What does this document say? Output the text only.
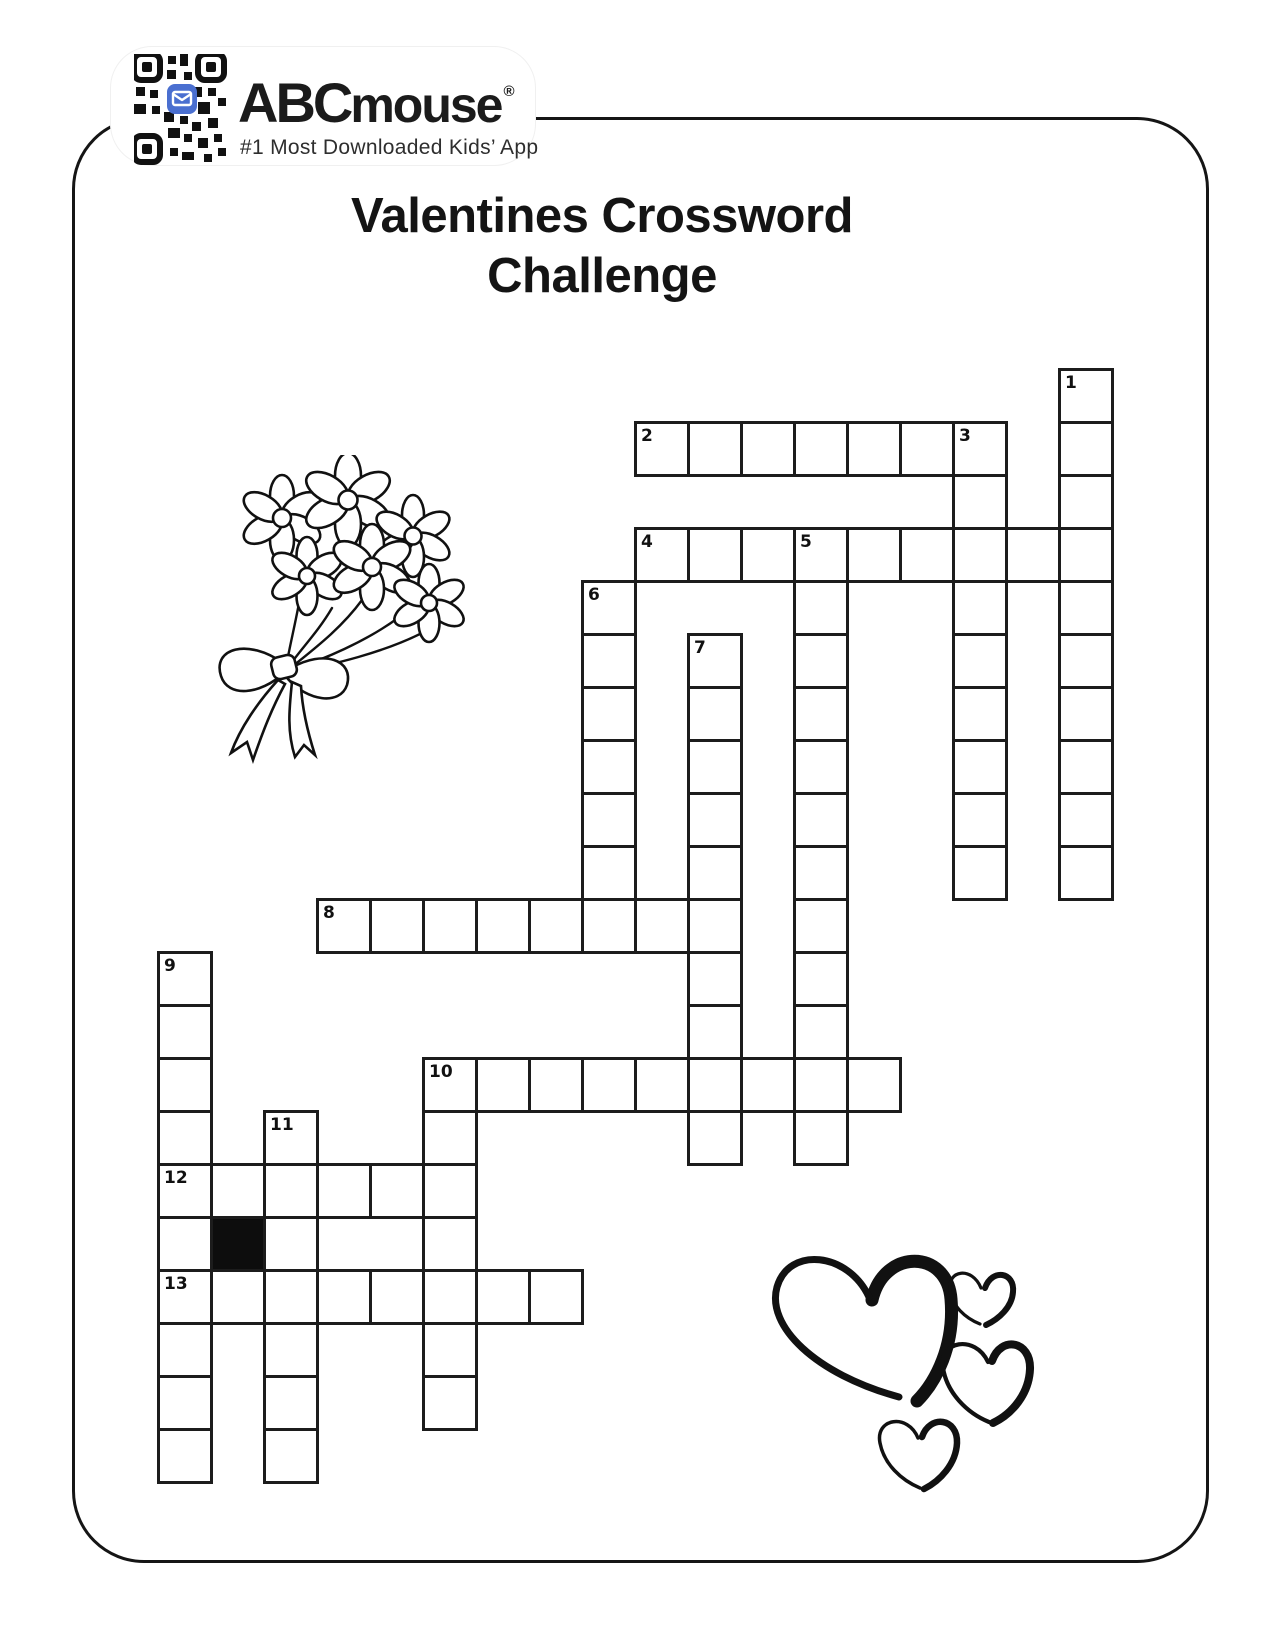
ABC mouse ®
#1 Most Downloaded Kids’ App
Valentines Crossword
Challenge
1
2	3
4	5
6
7
8
9
10
11
12
13
